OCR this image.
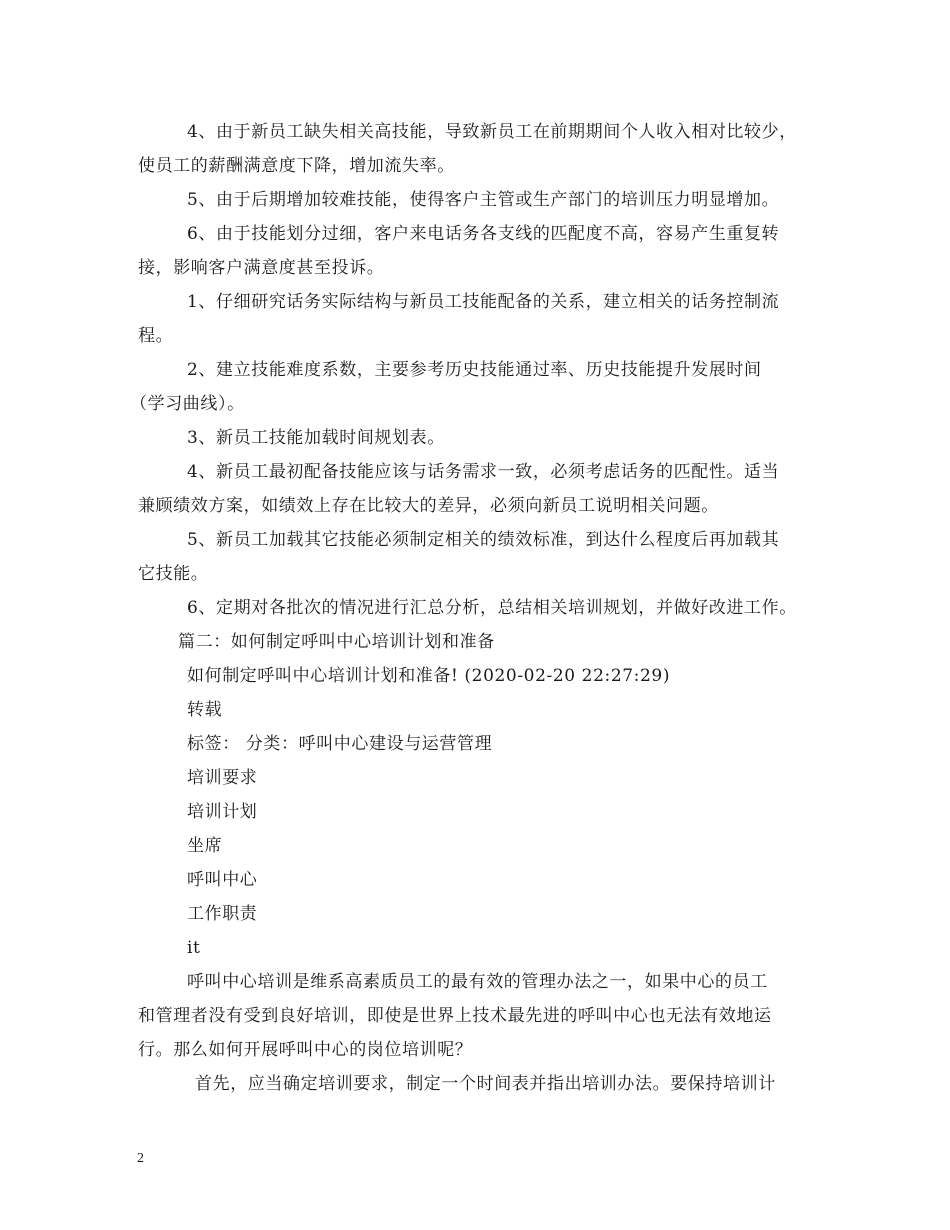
4、由于新员工缺失相关高技能，导致新员工在前期期间个人收入相对比较少，
使员工的薪酬满意度下降，增加流失率。
5、由于后期增加较难技能，使得客户主管或生产部门的培训压力明显增加。
6、由于技能划分过细，客户来电话务各支线的匹配度不高，容易产生重复转
接，影响客户满意度甚至投诉。
1、仔细研究话务实际结构与新员工技能配备的关系，建立相关的话务控制流
程。
2、建立技能难度系数，主要参考历史技能通过率、历史技能提升发展时间
（学习曲线）。
3、新员工技能加载时间规划表。
4、新员工最初配备技能应该与话务需求一致，必须考虑话务的匹配性。适当
兼顾绩效方案，如绩效上存在比较大的差异，必须向新员工说明相关问题。
5、新员工加载其它技能必须制定相关的绩效标准，到达什么程度后再加载其
它技能。
6、定期对各批次的情况进行汇总分析，总结相关培训规划，并做好改进工作。
篇二：如何制定呼叫中心培训计划和准备
如何制定呼叫中心培训计划和准备! (2020-02-20 22:27:29)
转载
标签： 分类：呼叫中心建设与运营管理
培训要求
培训计划
坐席
呼叫中心
工作职责
it
呼叫中心培训是维系高素质员工的最有效的管理办法之一，如果中心的员工
和管理者没有受到良好培训，即使是世界上技术最先进的呼叫中心也无法有效地运
行。那么如何开展呼叫中心的岗位培训呢？
首先，应当确定培训要求，制定一个时间表并指出培训办法。要保持培训计
2
